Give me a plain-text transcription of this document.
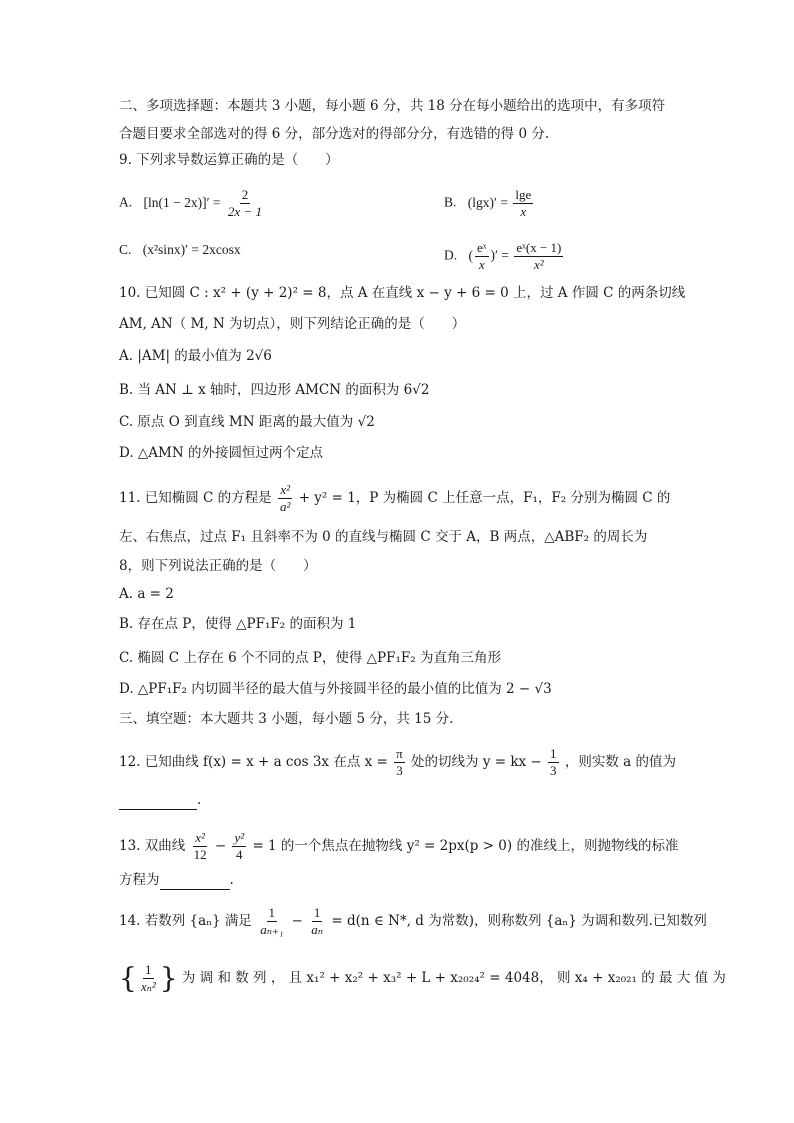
二、多项选择题：本题共 3 小题，每小题 6 分，共 18 分在每小题给出的选项中，有多项符
合题目要求全部选对的得 6 分，部分选对的得部分分，有选错的得 0 分.
9. 下列求导数运算正确的是（　　）
A. $[\ln(1 - 2x)]' = \frac{2}{2x - 1}$	B. $(\lg x)' = \frac{\lg e}{x}$
C. (x²sinx)′ = 2xcosx	D. ( $\frac{\text{eˣ}}{x}$ )′ = $\frac{\text{eˣ(x − 1)}}{\text{x²}}$
10. 已知圆 C : x² + (y + 2)² = 8，点 A 在直线 x − y + 6 = 0 上，过 A 作圆 C 的两条切线
AM, AN（ M, N 为切点），则下列结论正确的是（　　）
A. |AM| 的最小值为 2√6
B. 当 AN ⊥ x 轴时，四边形 AMCN 的面积为 6√2
C. 原点 O 到直线 MN 距离的最大值为 √2
D. △AMN 的外接圆恒过两个定点
11. 已知椭圆 C 的方程是 $\frac{\text{x²}}{\text{a²}} + y^2 = 1$，P 为椭圆 C 上任意一点，F₁，F₂ 分别为椭圆 C 的
左、右焦点，过点 F₁ 且斜率不为 0 的直线与椭圆 C 交于 A，B 两点，△ABF₂ 的周长为
8，则下列说法正确的是（　　）
A. a = 2
B. 存在点 P，使得 △PF₁F₂ 的面积为 1
C. 椭圆 C 上存在 6 个不同的点 P，使得 △PF₁F₂ 为直角三角形
D. △PF₁F₂ 内切圆半径的最大值与外接圆半径的最小值的比值为 2 − √3
三、填空题：本大题共 3 小题，每小题 5 分，共 15 分.
12. 已知曲线 f(x) = x + a cos 3x 在点 $x = \frac{\pi}{3}$ 处的切线为 y = kx − $\frac{1}{3}$ ，则实数 a 的值为
.
13. 双曲线 $\frac{\text{x²}}{12} - \frac{\text{y²}}{4} = 1$ 的一个焦点在抛物线 y² = 2px(p > 0) 的准线上，则抛物线的标准
方程为	.
14. 若数列 {aₙ} 满足 $\frac{1}{\text{aₙ₊₁}} - \frac{1}{\text{aₙ}} = d(n$ ∈ N*, d 为常数)，则称数列 {aₙ} 为调和数列.已知数列
{ $\frac{1}{\text{xₙ²}}$ } 为 调 和 数 列 ， 且 x₁² + x₂² + x₃² + L + x₂₀₂₄² = 4048， 则 x₄ + x₂₀₂₁ 的 最 大 值 为
